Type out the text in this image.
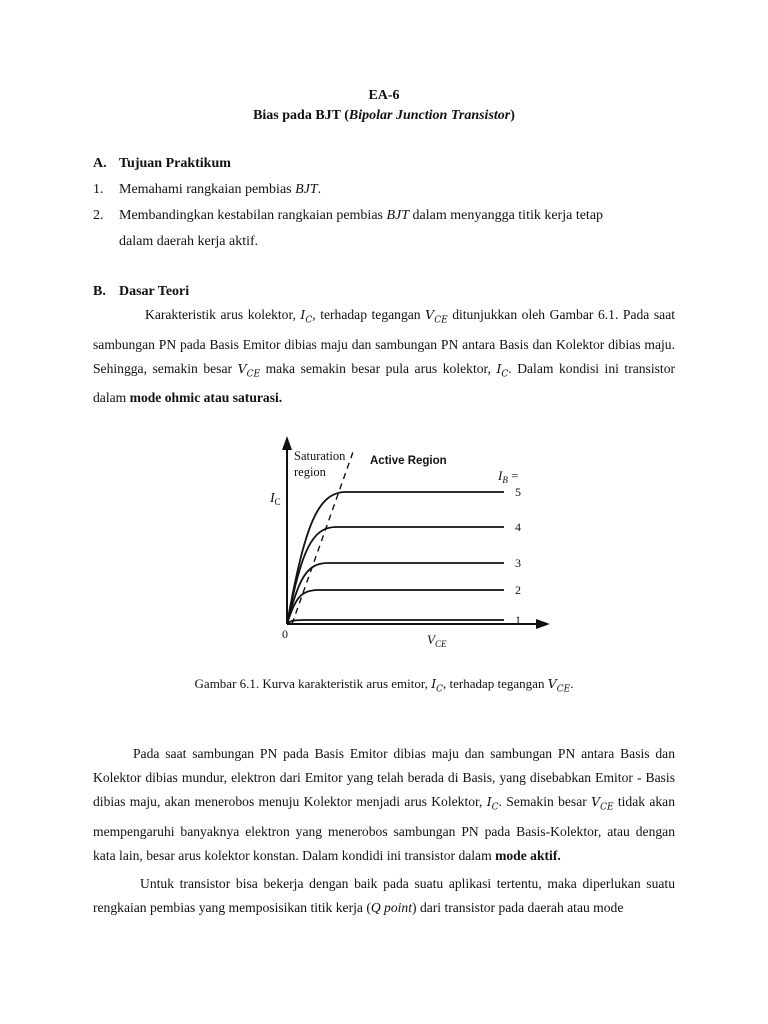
EA-6
Bias pada BJT (Bipolar Junction Transistor)
A. Tujuan Praktikum
1. Memahami rangkaian pembias BJT.
2. Membandingkan kestabilan rangkaian pembias BJT dalam menyangga titik kerja tetap
dalam daerah kerja aktif.
B. Dasar Teori
Karakteristik arus kolektor, $I_C$, terhadap tegangan $V_{CE}$ ditunjukkan oleh Gambar 6.1. Pada saat sambungan PN pada Basis Emitor dibias maju dan sambungan PN antara Basis dan Kolektor dibias maju. Sehingga, semakin besar $V_{CE}$ maka semakin besar pula arus kolektor, $I_C$. Dalam kondisi ini transistor dalam mode ohmic atau saturasi.
1
2
3
4
5
Saturation
region
Active Region
$I_B$ =
$I_C$
$V_{CE}$
0
Gambar 6.1. Kurva karakteristik arus emitor, $I_C$, terhadap tegangan $V_{CE}$.
Pada saat sambungan PN pada Basis Emitor dibias maju dan sambungan PN antara Basis dan Kolektor dibias mundur, elektron dari Emitor yang telah berada di Basis, yang disebabkan Emitor - Basis dibias maju, akan menerobos menuju Kolektor menjadi arus Kolektor, $I_C$. Semakin besar $V_{CE}$ tidak akan mempengaruhi banyaknya elektron yang menerobos sambungan PN pada Basis-Kolektor, atau dengan kata lain, besar arus kolektor konstan. Dalam kondidi ini transistor dalam mode aktif.
Untuk transistor bisa bekerja dengan baik pada suatu aplikasi tertentu, maka diperlukan suatu rengkaian pembias yang memposisikan titik kerja (Q point) dari transistor pada daerah atau mode
